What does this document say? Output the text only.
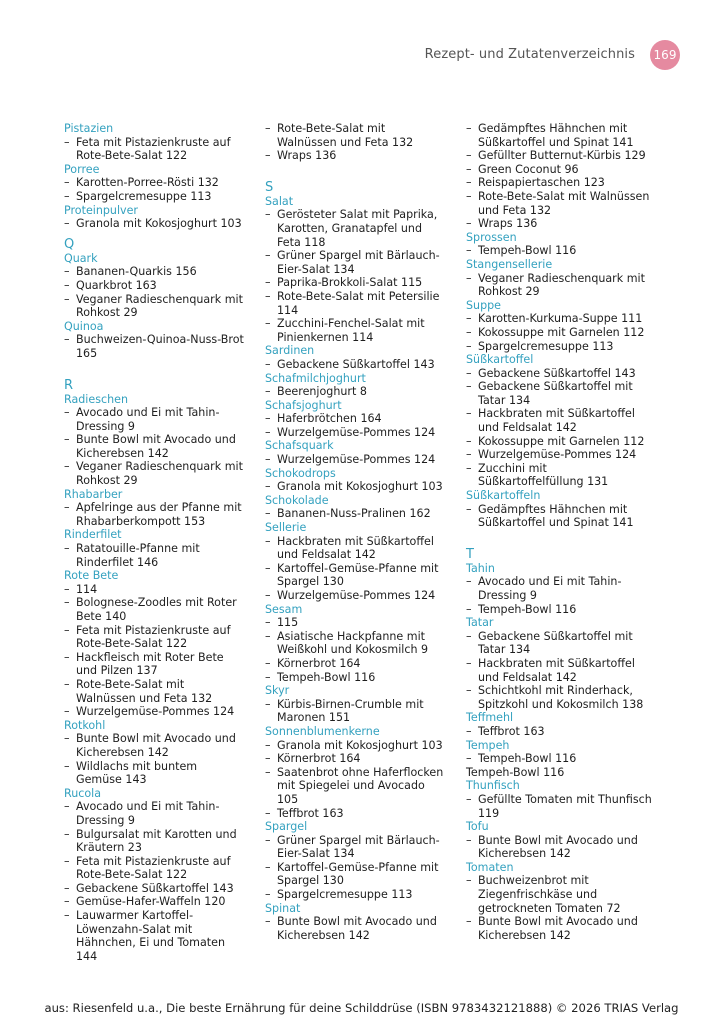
Rezept- und Zutatenverzeichnis 169
Pistazien
– Feta mit Pistazienkruste auf Rote-Bete-Salat 122
Porree
– Karotten-Porree-Rösti 132
– Spargelcremesuppe 113
Proteinpulver
– Granola mit Kokosjoghurt 103
Q
Quark
– Bananen-Quarkis 156
– Quarkbrot 163
– Veganer Radieschenquark mit Rohkost 29
Quinoa
– Buchweizen-Quinoa-Nuss-Brot 165
R
Radieschen
– Avocado und Ei mit Tahin-Dressing 9
– Bunte Bowl mit Avocado und Kicherebsen 142
– Veganer Radieschenquark mit Rohkost 29
Rhabarber
– Apfelringe aus der Pfanne mit Rhabarberkompott 153
Rinderfilet
– Ratatouille-Pfanne mit Rinderfilet 146
Rote Bete
– 114
– Bolognese-Zoodles mit Roter Bete 140
– Feta mit Pistazienkruste auf Rote-Bete-Salat 122
– Hackfleisch mit Roter Bete und Pilzen 137
– Rote-Bete-Salat mit Walnüssen und Feta 132
– Wurzelgemüse-Pommes 124
Rotkohl
– Bunte Bowl mit Avocado und Kicherebsen 142
– Wildlachs mit buntem Gemüse 143
Rucola
– Avocado und Ei mit Tahin-Dressing 9
– Bulgursalat mit Karotten und Kräutern 23
– Feta mit Pistazienkruste auf Rote-Bete-Salat 122
– Gebackene Süßkartoffel 143
– Gemüse-Hafer-Waffeln 120
– Lauwarmer Kartoffel-Löwenzahn-Salat mit Hähnchen, Ei und Tomaten 144
– Rote-Bete-Salat mit Walnüssen und Feta 132
– Wraps 136
S
Salat
– Gerösteter Salat mit Paprika, Karotten, Granatapfel und Feta 118
– Grüner Spargel mit Bärlauch-Eier-Salat 134
– Paprika-Brokkoli-Salat 115
– Rote-Bete-Salat mit Petersilie 114
– Zucchini-Fenchel-Salat mit Pinienkernen 114
Sardinen
– Gebackene Süßkartoffel 143
Schafmilchjoghurt
– Beerenjoghurt 8
Schafsjoghurt
– Haferbrötchen 164
– Wurzelgemüse-Pommes 124
Schafsquark
– Wurzelgemüse-Pommes 124
Schokodrops
– Granola mit Kokosjoghurt 103
Schokolade
– Bananen-Nuss-Pralinen 162
Sellerie
– Hackbraten mit Süßkartoffel und Feldsalat 142
– Kartoffel-Gemüse-Pfanne mit Spargel 130
– Wurzelgemüse-Pommes 124
Sesam
– 115
– Asiatische Hackpfanne mit Weißkohl und Kokosmilch 9
– Körnerbrot 164
– Tempeh-Bowl 116
Skyr
– Kürbis-Birnen-Crumble mit Maronen 151
Sonnenblumenkerne
– Granola mit Kokosjoghurt 103
– Körnerbrot 164
– Saatenbrot ohne Haferflocken mit Spiegelei und Avocado 105
– Teffbrot 163
Spargel
– Grüner Spargel mit Bärlauch-Eier-Salat 134
– Kartoffel-Gemüse-Pfanne mit Spargel 130
– Spargelcremesuppe 113
Spinat
– Bunte Bowl mit Avocado und Kicherebsen 142
– Gedämpftes Hähnchen mit Süßkartoffel und Spinat 141
– Gefüllter Butternut-Kürbis 129
– Green Coconut 96
– Reispapiertaschen 123
– Rote-Bete-Salat mit Walnüssen und Feta 132
– Wraps 136
Sprossen
– Tempeh-Bowl 116
Stangensellerie
– Veganer Radieschenquark mit Rohkost 29
Suppe
– Karotten-Kurkuma-Suppe 111
– Kokossuppe mit Garnelen 112
– Spargelcremesuppe 113
Süßkartoffel
– Gebackene Süßkartoffel 143
– Gebackene Süßkartoffel mit Tatar 134
– Hackbraten mit Süßkartoffel und Feldsalat 142
– Kokossuppe mit Garnelen 112
– Wurzelgemüse-Pommes 124
– Zucchini mit Süßkartoffelfüllung 131
Süßkartoffeln
– Gedämpftes Hähnchen mit Süßkartoffel und Spinat 141
T
Tahin
– Avocado und Ei mit Tahin-Dressing 9
– Tempeh-Bowl 116
Tatar
– Gebackene Süßkartoffel mit Tatar 134
– Hackbraten mit Süßkartoffel und Feldsalat 142
– Schichtkohl mit Rinderhack, Spitzkohl und Kokosmilch 138
Teffmehl
– Teffbrot 163
Tempeh
– Tempeh-Bowl 116
Tempeh-Bowl 116
Thunfisch
– Gefüllte Tomaten mit Thunfisch 119
Tofu
– Bunte Bowl mit Avocado und Kicherebsen 142
Tomaten
– Buchweizenbrot mit Ziegenfrischkäse und getrockneten Tomaten 72
– Bunte Bowl mit Avocado und Kicherebsen 142
aus: Riesenfeld u.a., Die beste Ernährung für deine Schilddrüse (ISBN 9783432121888) © 2026 TRIAS Verlag
